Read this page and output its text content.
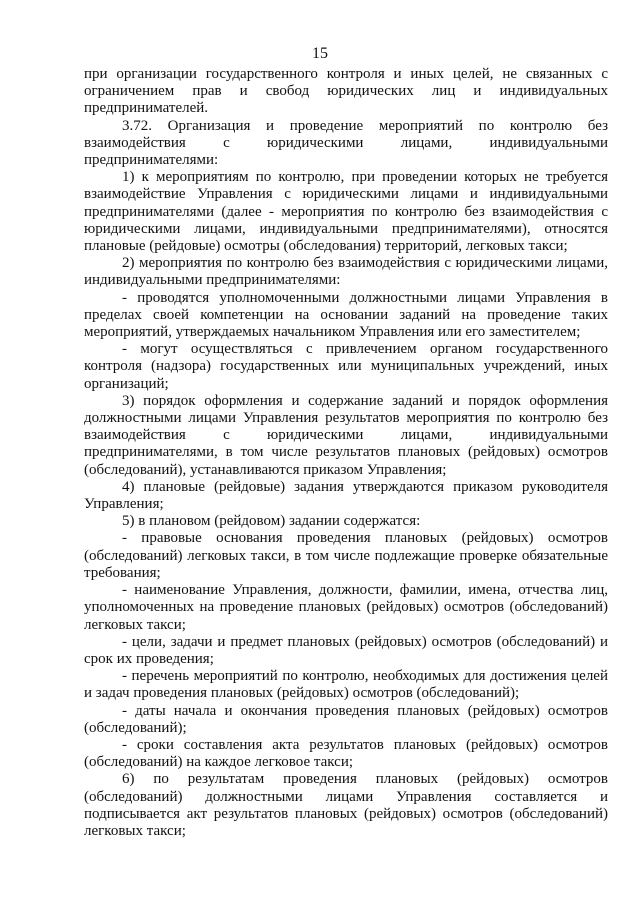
15

при организации государственного контроля и иных целей, не связанных с ограничением прав и свобод юридических лиц и индивидуальных предпринимателей.

3.72. Организация и проведение мероприятий по контролю без взаимодействия с юридическими лицами, индивидуальными предпринимателями:

1) к мероприятиям по контролю, при проведении которых не требуется взаимодействие Управления с юридическими лицами и индивидуальными предпринимателями (далее - мероприятия по контролю без взаимодействия с юридическими лицами, индивидуальными предпринимателями), относятся плановые (рейдовые) осмотры (обследования) территорий, легковых такси;

2) мероприятия по контролю без взаимодействия с юридическими лицами, индивидуальными предпринимателями:

- проводятся уполномоченными должностными лицами Управления в пределах своей компетенции на основании заданий на проведение таких мероприятий, утверждаемых начальником Управления или его заместителем;

- могут осуществляться с привлечением органом государственного контроля (надзора) государственных или муниципальных учреждений, иных организаций;

3) порядок оформления и содержание заданий и порядок оформления должностными лицами Управления результатов мероприятия по контролю без взаимодействия с юридическими лицами, индивидуальными предпринимателями, в том числе результатов плановых (рейдовых) осмотров (обследований), устанавливаются приказом Управления;

4) плановые (рейдовые) задания утверждаются приказом руководителя Управления;

5) в плановом (рейдовом) задании содержатся:

- правовые основания проведения плановых (рейдовых) осмотров (обследований) легковых такси, в том числе подлежащие проверке обязательные требования;

- наименование Управления, должности, фамилии, имена, отчества лиц, уполномоченных на проведение плановых (рейдовых) осмотров (обследований) легковых такси;

- цели, задачи и предмет плановых (рейдовых) осмотров (обследований) и срок их проведения;

- перечень мероприятий по контролю, необходимых для достижения целей и задач проведения плановых (рейдовых) осмотров (обследований);

- даты начала и окончания проведения плановых (рейдовых) осмотров (обследований);

- сроки составления акта результатов плановых (рейдовых) осмотров (обследований) на каждое легковое такси;

6) по результатам проведения плановых (рейдовых) осмотров (обследований) должностными лицами Управления составляется и подписывается акт результатов плановых (рейдовых) осмотров (обследований) легковых такси;
